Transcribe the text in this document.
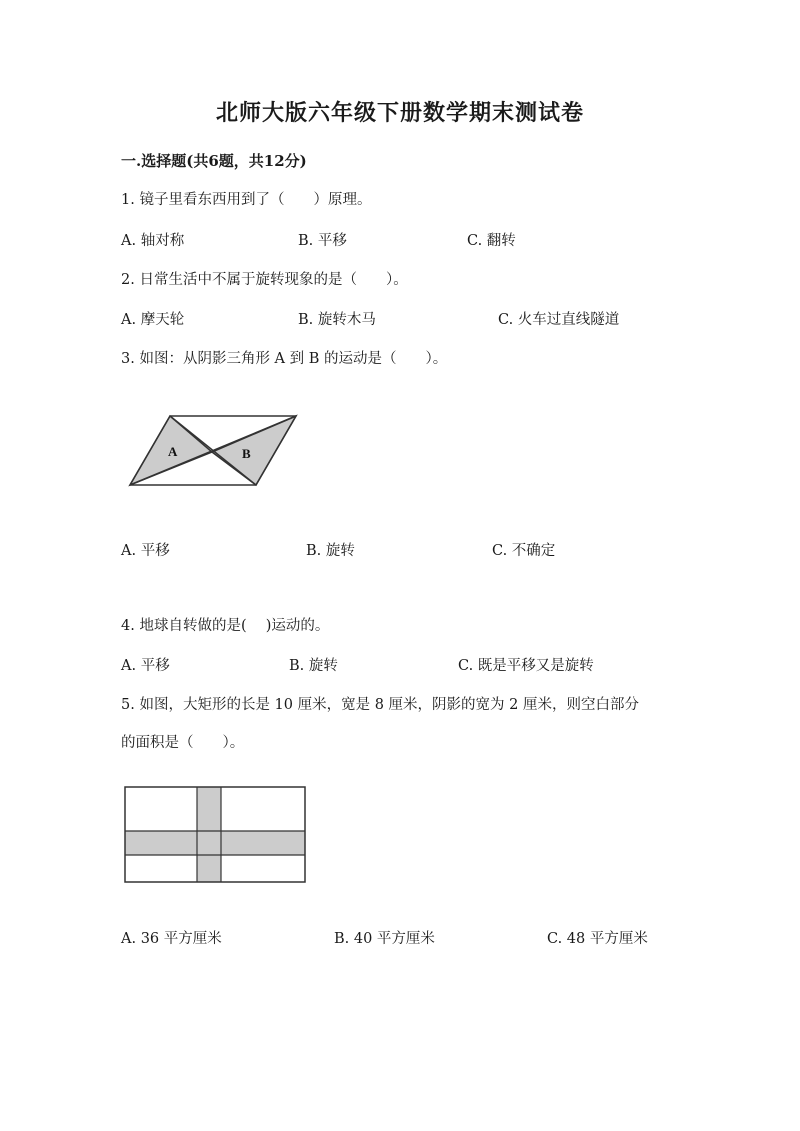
北师大版六年级下册数学期末测试卷
一.选择题(共6题，共12分)
1. 镜子里看东西用到了（　　）原理。
A. 轴对称	B. 平移	C. 翻转
2. 日常生活中不属于旋转现象的是（　　）。
A. 摩天轮	B. 旋转木马	C. 火车过直线隧道
3. 如图：从阴影三角形 A 到 B 的运动是（　　）。
A	B
A. 平移	B. 旋转	C. 不确定
4. 地球自转做的是(　 )运动的。
A. 平移	B. 旋转	C. 既是平移又是旋转
5. 如图，大矩形的长是 10 厘米，宽是 8 厘米，阴影的宽为 2 厘米，则空白部分
的面积是（　　）。
A. 36 平方厘米	B. 40 平方厘米	C. 48 平方厘米
